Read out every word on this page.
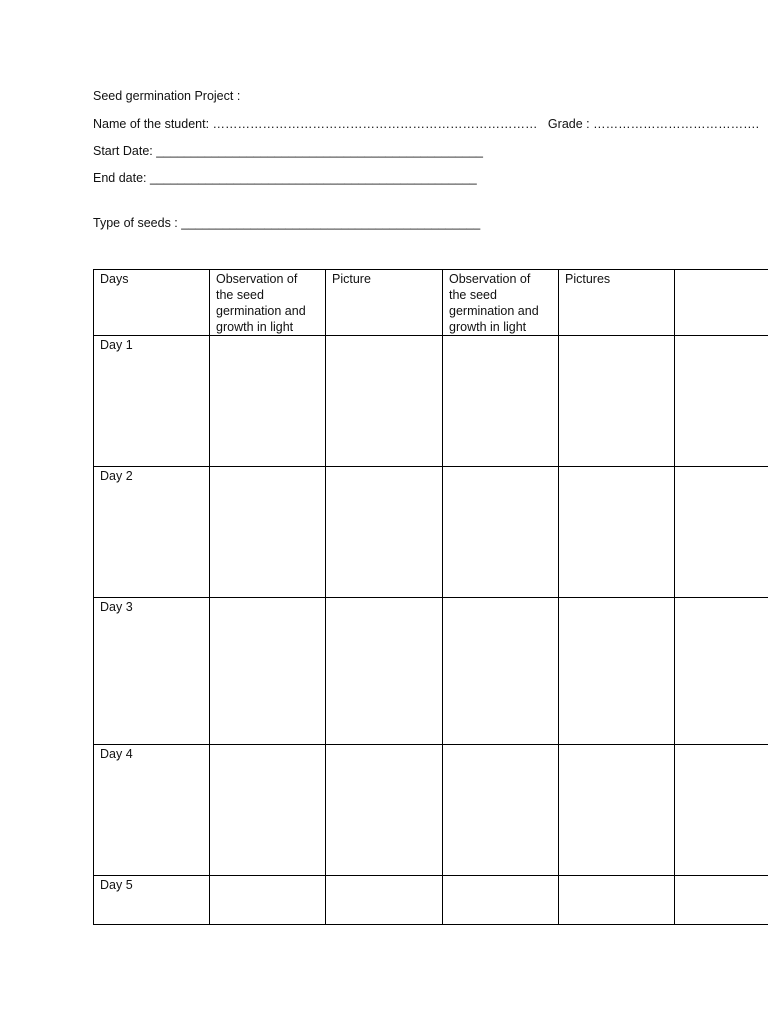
Seed germination Project :
Name of the student: ……………………………………………………………………   Grade : ………………………………….
Start Date: _______________________________________________
End date: _______________________________________________
Type of seeds : ___________________________________________
Days	Observation of
the seed
germination and
growth in light	Picture	Observation of
the seed
germination and
growth in light	Pictures	

Day 1					
Day 2					
Day 3					
Day 4					
Day 5					
